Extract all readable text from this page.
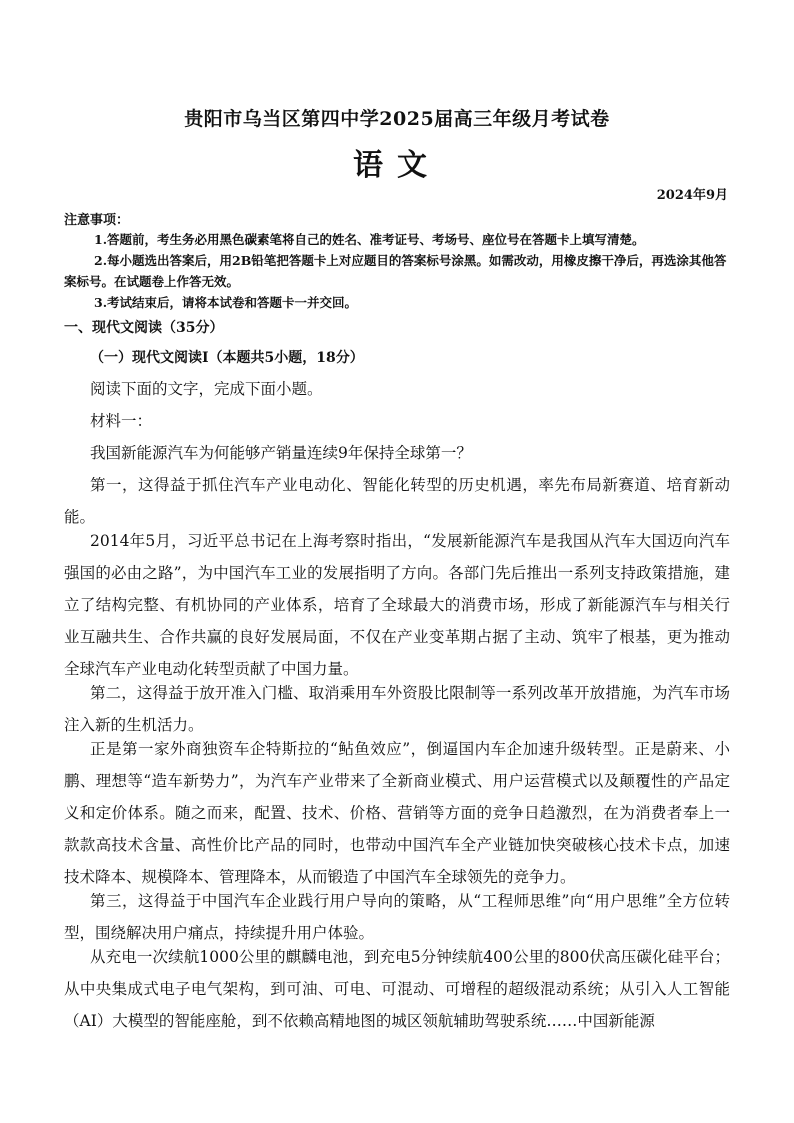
贵阳市乌当区第四中学2025届高三年级月考试卷
语文
2024年9月
注意事项：
1.答题前，考生务必用黑色碳素笔将自己的姓名、准考证号、考场号、座位号在答题卡上填写清楚。
2.每小题选出答案后，用2B铅笔把答题卡上对应题目的答案标号涂黑。如需改动，用橡皮擦干净后，再选涂其他答案标号。在试题卷上作答无效。
3.考试结束后，请将本试卷和答题卡一并交回。
一、现代文阅读（35分）
（一）现代文阅读Ⅰ（本题共5小题，18分）
阅读下面的文字，完成下面小题。
材料一：
我国新能源汽车为何能够产销量连续9年保持全球第一？
第一，这得益于抓住汽车产业电动化、智能化转型的历史机遇，率先布局新赛道、培育新动能。
2014年5月，习近平总书记在上海考察时指出，“发展新能源汽车是我国从汽车大国迈向汽车强国的必由之路”，为中国汽车工业的发展指明了方向。各部门先后推出一系列支持政策措施，建立了结构完整、有机协同的产业体系，培育了全球最大的消费市场，形成了新能源汽车与相关行业互融共生、合作共赢的良好发展局面，不仅在产业变革期占据了主动、筑牢了根基，更为推动全球汽车产业电动化转型贡献了中国力量。
第二，这得益于放开准入门槛、取消乘用车外资股比限制等一系列改革开放措施，为汽车市场注入新的生机活力。
正是第一家外商独资车企特斯拉的“鲇鱼效应”，倒逼国内车企加速升级转型。正是蔚来、小鹏、理想等“造车新势力”，为汽车产业带来了全新商业模式、用户运营模式以及颠覆性的产品定义和定价体系。随之而来，配置、技术、价格、营销等方面的竞争日趋激烈，在为消费者奉上一款款高技术含量、高性价比产品的同时，也带动中国汽车全产业链加快突破核心技术卡点，加速技术降本、规模降本、管理降本，从而锻造了中国汽车全球领先的竞争力。
第三，这得益于中国汽车企业践行用户导向的策略，从“工程师思维”向“用户思维”全方位转型，围绕解决用户痛点，持续提升用户体验。
从充电一次续航1000公里的麒麟电池，到充电5分钟续航400公里的800伏高压碳化硅平台；从中央集成式电子电气架构，到可油、可电、可混动、可增程的超级混动系统；从引入人工智能（AI）大模型的智能座舱，到不依赖高精地图的城区领航辅助驾驶系统……中国新能源
